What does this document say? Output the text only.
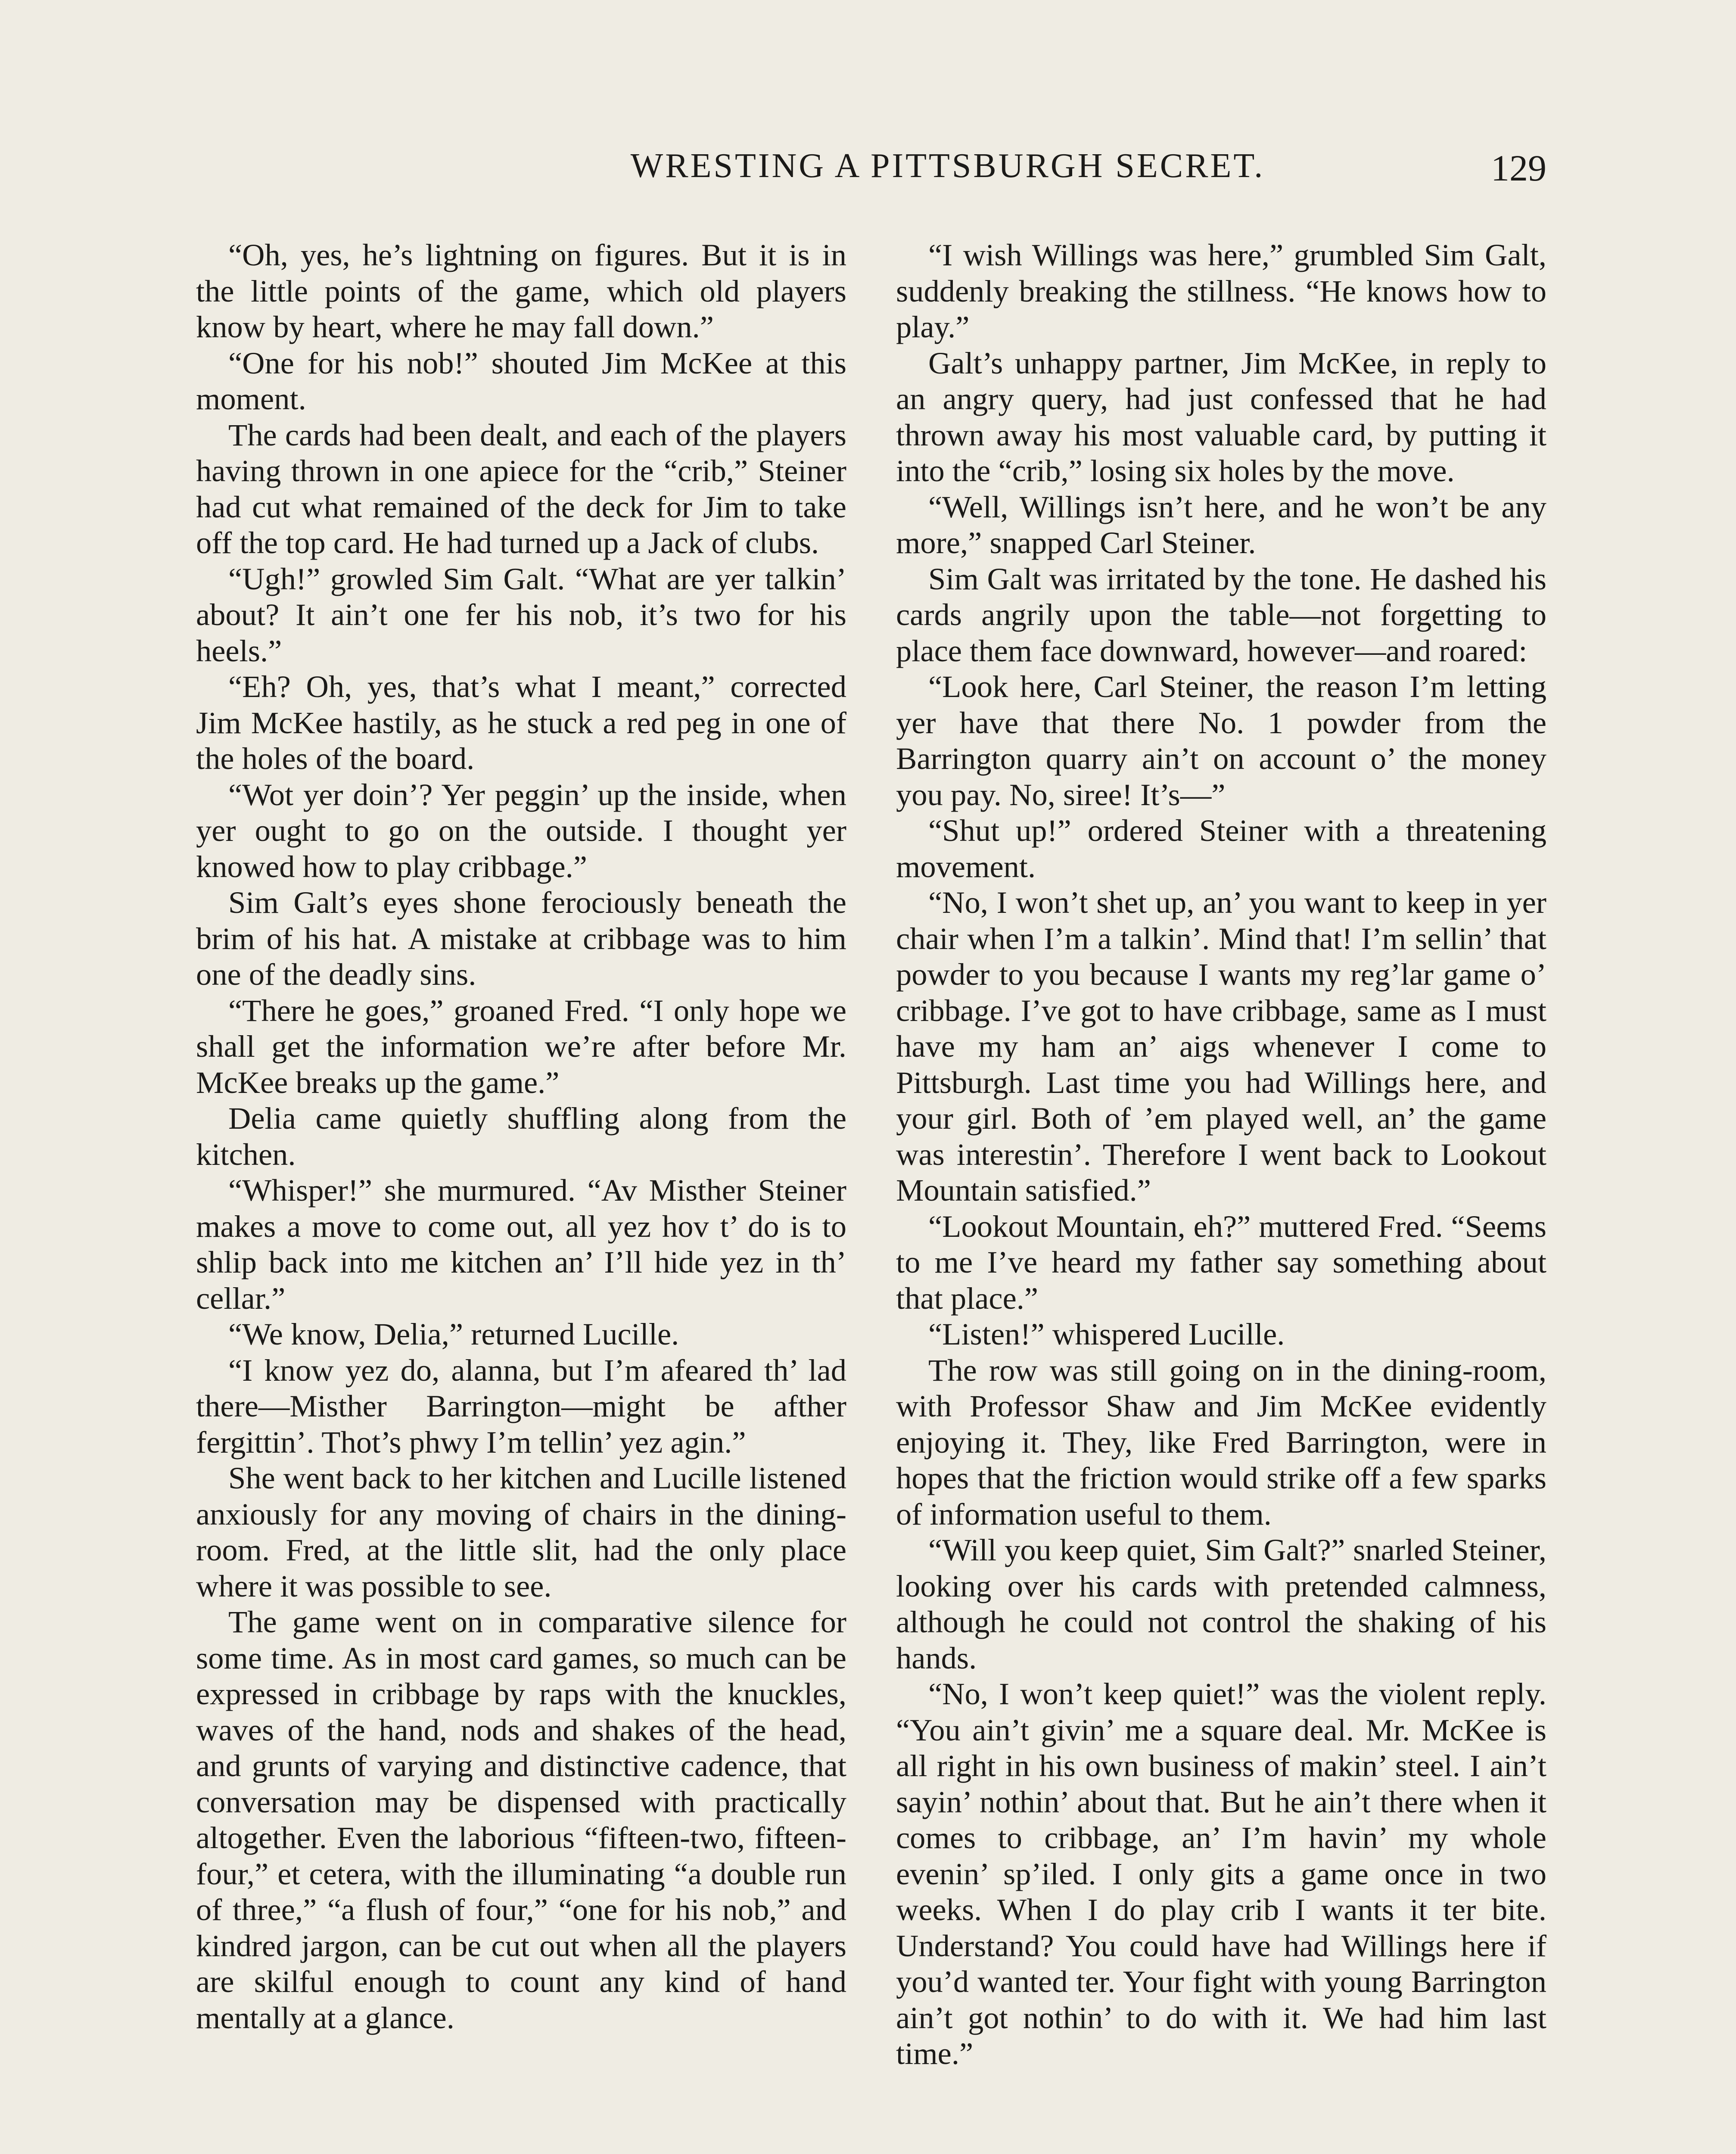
WRESTING A PITTSBURGH SECRET.	129

“Oh, yes, he’s lightning on figures. But it is in the little points of the game, which old players know by heart, where he may fall down.”

“One for his nob!” shouted Jim McKee at this moment.

The cards had been dealt, and each of the players having thrown in one apiece for the “crib,” Steiner had cut what remained of the deck for Jim to take off the top card. He had turned up a Jack of clubs.

“Ugh!” growled Sim Galt. “What are yer talkin’ about? It ain’t one fer his nob, it’s two for his heels.”

“Eh? Oh, yes, that’s what I meant,” corrected Jim McKee hastily, as he stuck a red peg in one of the holes of the board.

“Wot yer doin’? Yer peggin’ up the inside, when yer ought to go on the outside. I thought yer knowed how to play cribbage.”

Sim Galt’s eyes shone ferociously beneath the brim of his hat. A mistake at cribbage was to him one of the deadly sins.

“There he goes,” groaned Fred. “I only hope we shall get the information we’re after before Mr. McKee breaks up the game.”

Delia came quietly shuffling along from the kitchen.

“Whisper!” she murmured. “Av Misther Steiner makes a move to come out, all yez hov t’ do is to shlip back into me kitchen an’ I’ll hide yez in th’ cellar.”

“We know, Delia,” returned Lucille.

“I know yez do, alanna, but I’m afeared th’ lad there—Misther Barrington—might be afther fergittin’. Thot’s phwy I’m tellin’ yez agin.”

She went back to her kitchen and Lucille listened anxiously for any moving of chairs in the dining-room. Fred, at the little slit, had the only place where it was possible to see.

The game went on in comparative silence for some time. As in most card games, so much can be expressed in cribbage by raps with the knuckles, waves of the hand, nods and shakes of the head, and grunts of varying and distinctive cadence, that conversation may be dispensed with practically altogether. Even the laborious “fifteen-two, fifteen-four,” et cetera, with the illuminating “a double run of three,” “a flush of four,” “one for his nob,” and kindred jargon, can be cut out when all the players are skilful enough to count any kind of hand mentally at a glance.

“I wish Willings was here,” grumbled Sim Galt, suddenly breaking the stillness. “He knows how to play.”

Galt’s unhappy partner, Jim McKee, in reply to an angry query, had just confessed that he had thrown away his most valuable card, by putting it into the “crib,” losing six holes by the move.

“Well, Willings isn’t here, and he won’t be any more,” snapped Carl Steiner.

Sim Galt was irritated by the tone. He dashed his cards angrily upon the table—not forgetting to place them face downward, however—and roared:

“Look here, Carl Steiner, the reason I’m letting yer have that there No. 1 powder from the Barrington quarry ain’t on account o’ the money you pay. No, siree! It’s—”

“Shut up!” ordered Steiner with a threatening movement.

“No, I won’t shet up, an’ you want to keep in yer chair when I’m a talkin’. Mind that! I’m sellin’ that powder to you because I wants my reg’lar game o’ cribbage. I’ve got to have cribbage, same as I must have my ham an’ aigs whenever I come to Pittsburgh. Last time you had Willings here, and your girl. Both of ’em played well, an’ the game was interestin’. Therefore I went back to Lookout Mountain satisfied.”

“Lookout Mountain, eh?” muttered Fred. “Seems to me I’ve heard my father say something about that place.”

“Listen!” whispered Lucille.

The row was still going on in the dining-room, with Professor Shaw and Jim McKee evidently enjoying it. They, like Fred Barrington, were in hopes that the friction would strike off a few sparks of information useful to them.

“Will you keep quiet, Sim Galt?” snarled Steiner, looking over his cards with pretended calmness, although he could not control the shaking of his hands.

“No, I won’t keep quiet!” was the violent reply. “You ain’t givin’ me a square deal. Mr. McKee is all right in his own business of makin’ steel. I ain’t sayin’ nothin’ about that. But he ain’t there when it comes to cribbage, an’ I’m havin’ my whole evenin’ sp’iled. I only gits a game once in two weeks. When I do play crib I wants it ter bite. Understand? You could have had Willings here if you’d wanted ter. Your fight with young Barrington ain’t got nothin’ to do with it. We had him last time.”
